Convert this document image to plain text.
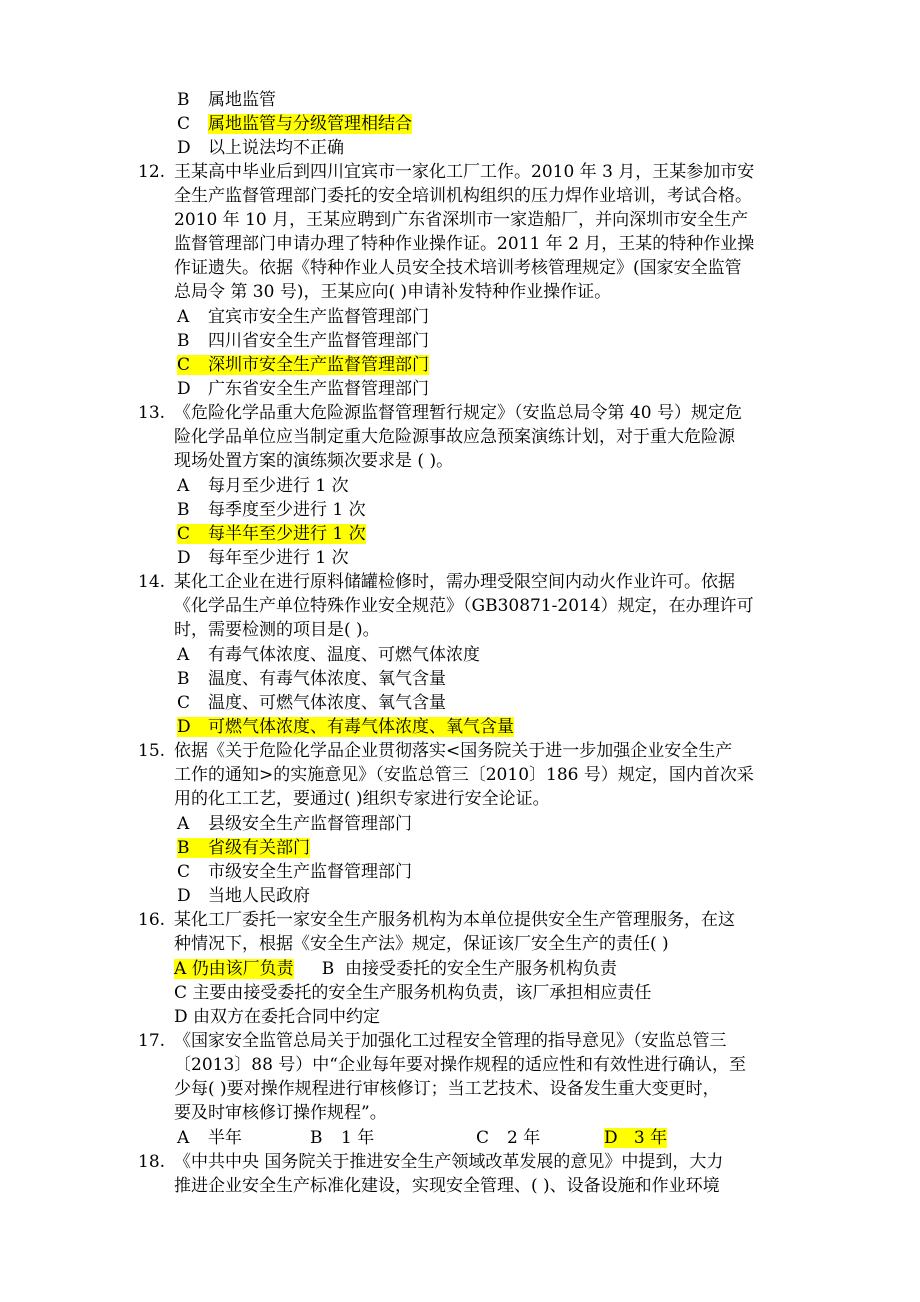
B 属地监管
C 属地监管与分级管理相结合
D 以上说法均不正确
12. 王某高中毕业后到四川宜宾市一家化工厂工作。2010 年 3 月，王某参加市安
全生产监督管理部门委托的安全培训机构组织的压力焊作业培训，考试合格。
2010 年 10 月，王某应聘到广东省深圳市一家造船厂，并向深圳市安全生产
监督管理部门申请办理了特种作业操作证。2011 年 2 月，王某的特种作业操
作证遗失。依据《特种作业人员安全技术培训考核管理规定》(国家安全监管
总局令 第 30 号)，王某应向( )申请补发特种作业操作证。
A 宜宾市安全生产监督管理部门
B 四川省安全生产监督管理部门
C 深圳市安全生产监督管理部门
D 广东省安全生产监督管理部门
13. 《危险化学品重大危险源监督管理暂行规定》（安监总局令第 40 号）规定危
险化学品单位应当制定重大危险源事故应急预案演练计划，对于重大危险源
现场处置方案的演练频次要求是 ( )。
A 每月至少进行 1 次
B 每季度至少进行 1 次
C 每半年至少进行 1 次
D 每年至少进行 1 次
14. 某化工企业在进行原料储罐检修时，需办理受限空间内动火作业许可。依据
《化学品生产单位特殊作业安全规范》（GB30871-2014）规定，在办理许可
时，需要检测的项目是( )。
A 有毒气体浓度、温度、可燃气体浓度
B 温度、有毒气体浓度、氧气含量
C 温度、可燃气体浓度、氧气含量
D 可燃气体浓度、有毒气体浓度、氧气含量
15. 依据《关于危险化学品企业贯彻落实<国务院关于进一步加强企业安全生产
工作的通知>的实施意见》（安监总管三〔2010〕186 号）规定，国内首次采
用的化工工艺，要通过( )组织专家进行安全论证。
A 县级安全生产监督管理部门
B 省级有关部门
C 市级安全生产监督管理部门
D 当地人民政府
16. 某化工厂委托一家安全生产服务机构为本单位提供安全生产管理服务，在这
种情况下，根据《安全生产法》规定，保证该厂安全生产的责任( )
A 仍由该厂负责 B 由接受委托的安全生产服务机构负责
C 主要由接受委托的安全生产服务机构负责，该厂承担相应责任
D 由双方在委托合同中约定
17. 《国家安全监管总局关于加强化工过程安全管理的指导意见》（安监总管三
〔2013〕88 号）中“企业每年要对操作规程的适应性和有效性进行确认，至
少每( )要对操作规程进行审核修订；当工艺技术、设备发生重大变更时，
要及时审核修订操作规程”。
A 半年	B 1 年	C 2 年	D 3 年
18. 《中共中央 国务院关于推进安全生产领域改革发展的意见》中提到，大力
推进企业安全生产标准化建设，实现安全管理、( )、设备设施和作业环境
